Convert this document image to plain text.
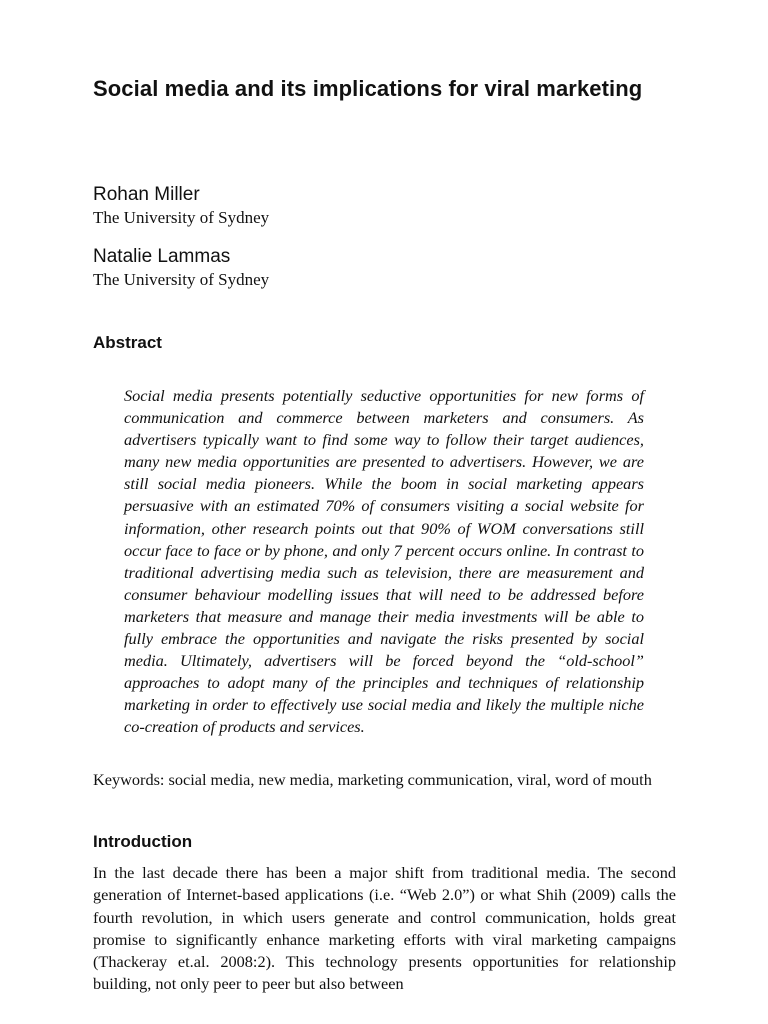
Social media and its implications for viral marketing

Rohan Miller

The University of Sydney

Natalie Lammas

The University of Sydney

Abstract

Social media presents potentially seductive opportunities for new forms of communication and commerce between marketers and consumers. As advertisers typically want to find some way to follow their target audiences, many new media opportunities are presented to advertisers. However, we are still social media pioneers. While the boom in social marketing appears persuasive with an estimated 70% of consumers visiting a social website for information, other research points out that 90% of WOM conversations still occur face to face or by phone, and only 7 percent occurs online. In contrast to traditional advertising media such as television, there are measurement and consumer behaviour modelling issues that will need to be addressed before marketers that measure and manage their media investments will be able to fully embrace the opportunities and navigate the risks presented by social media. Ultimately, advertisers will be forced beyond the “old-school” approaches to adopt many of the principles and techniques of relationship marketing in order to effectively use social media and likely the multiple niche co-creation of products and services.

Keywords: social media, new media, marketing communication, viral, word of mouth

Introduction

In the last decade there has been a major shift from traditional media. The second generation of Internet-based applications (i.e. “Web 2.0”) or what Shih (2009) calls the fourth revolution, in which users generate and control communication, holds great promise to significantly enhance marketing efforts with viral marketing campaigns (Thackeray et.al. 2008:2). This technology presents opportunities for relationship building, not only peer to peer but also between
